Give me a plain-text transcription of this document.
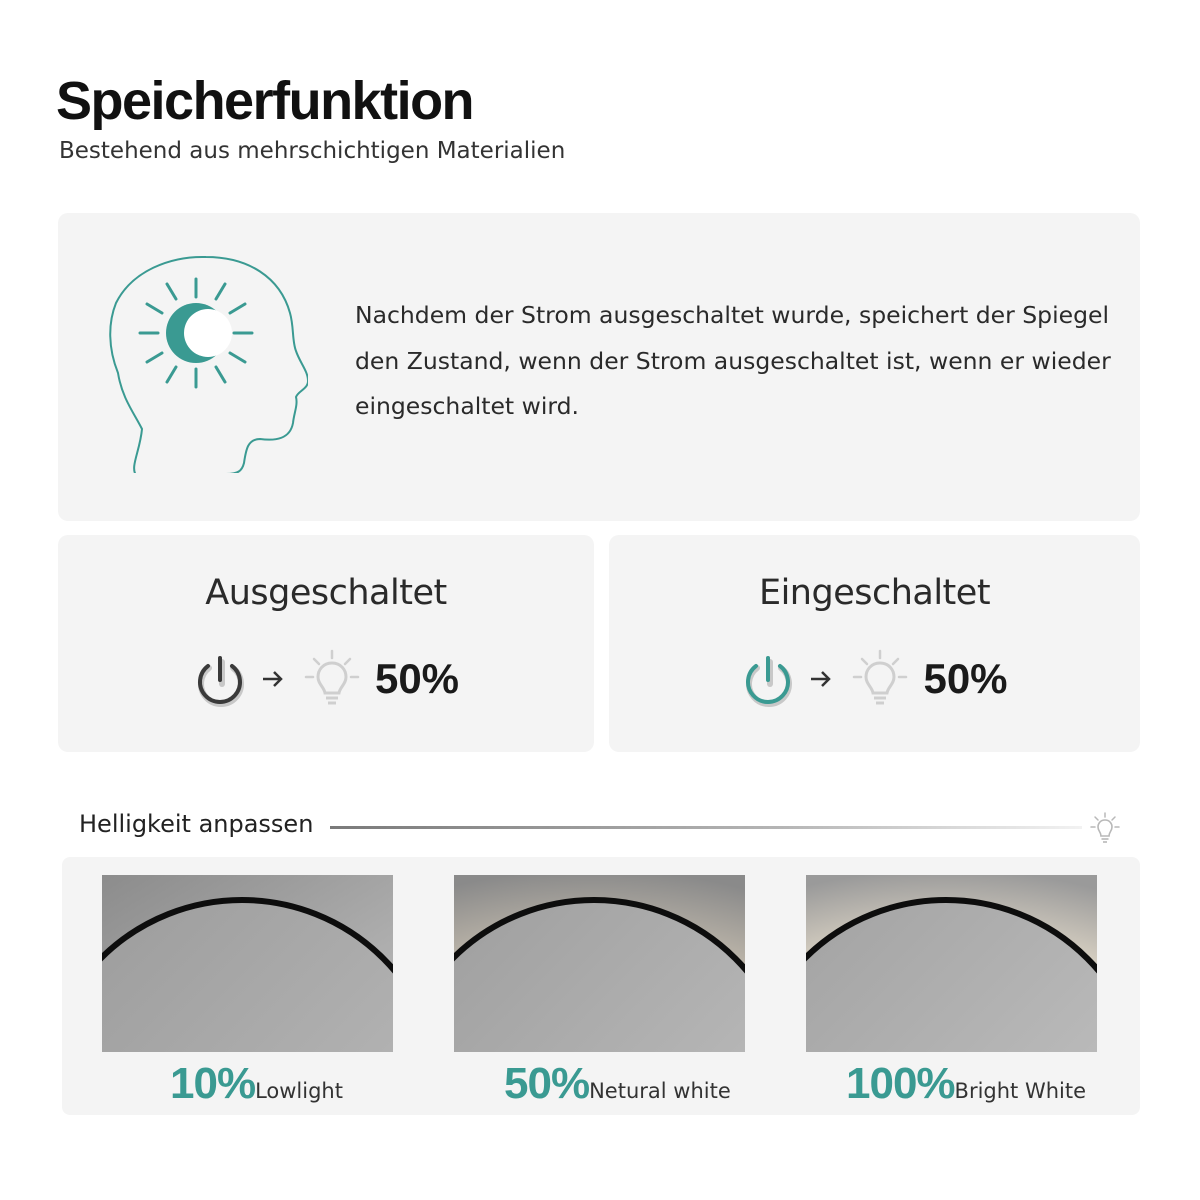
Speicherfunktion
Bestehend aus mehrschichtigen Materialien
Nachdem der Strom ausgeschaltet wurde, speichert der Spiegel den Zustand, wenn der Strom ausgeschaltet ist, wenn er wieder eingeschaltet wird.
Ausgeschaltet
50%
Eingeschaltet
50%
Helligkeit anpassen
10% Lowlight	50% Netural white	100% Bright White
